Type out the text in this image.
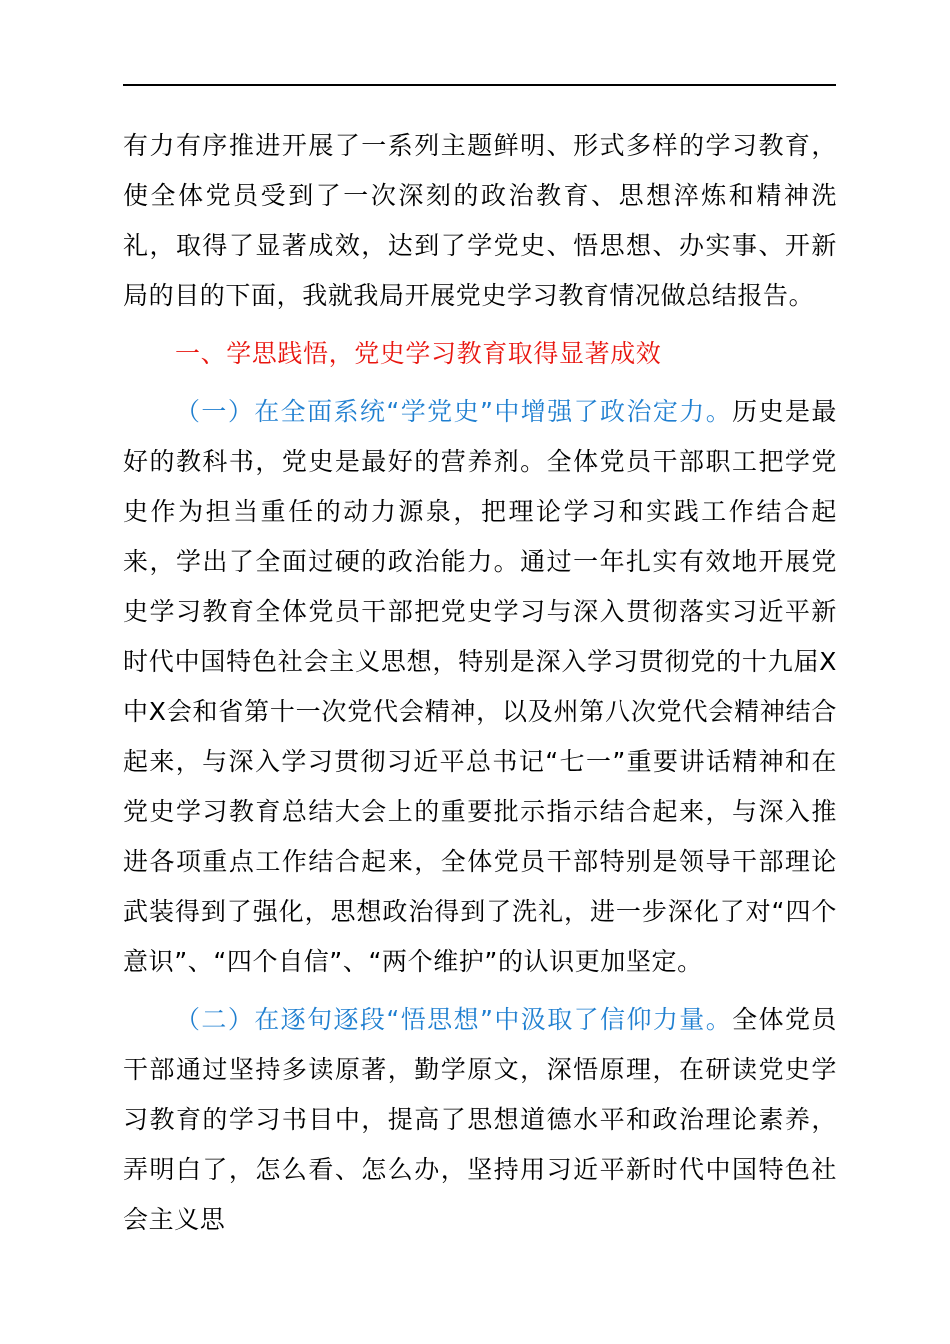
有力有序推进开展了一系列主题鲜明、形式多样的学习教育，使全体党员受到了一次深刻的政治教育、思想淬炼和精神洗礼，取得了显著成效，达到了学党史、悟思想、办实事、开新局的目的下面，我就我局开展党史学习教育情况做总结报告。

一、学思践悟，党史学习教育取得显著成效

（一）在全面系统“学党史”中增强了政治定力。历史是最好的教科书，党史是最好的营养剂。全体党员干部职工把学党史作为担当重任的动力源泉，把理论学习和实践工作结合起来，学出了全面过硬的政治能力。通过一年扎实有效地开展党史学习教育全体党员干部把党史学习与深入贯彻落实习近平新时代中国特色社会主义思想，特别是深入学习贯彻党的十九届X中X会和省第十一次党代会精神，以及州第八次党代会精神结合起来，与深入学习贯彻习近平总书记“七一”重要讲话精神和在党史学习教育总结大会上的重要批示指示结合起来，与深入推进各项重点工作结合起来，全体党员干部特别是领导干部理论武装得到了强化，思想政治得到了洗礼，进一步深化了对“四个意识”、“四个自信”、“两个维护”的认识更加坚定。

（二）在逐句逐段“悟思想”中汲取了信仰力量。全体党员干部通过坚持多读原著，勤学原文，深悟原理，在研读党史学习教育的学习书目中，提高了思想道德水平和政治理论素养，弄明白了，怎么看、怎么办，坚持用习近平新时代中国特色社会主义思
